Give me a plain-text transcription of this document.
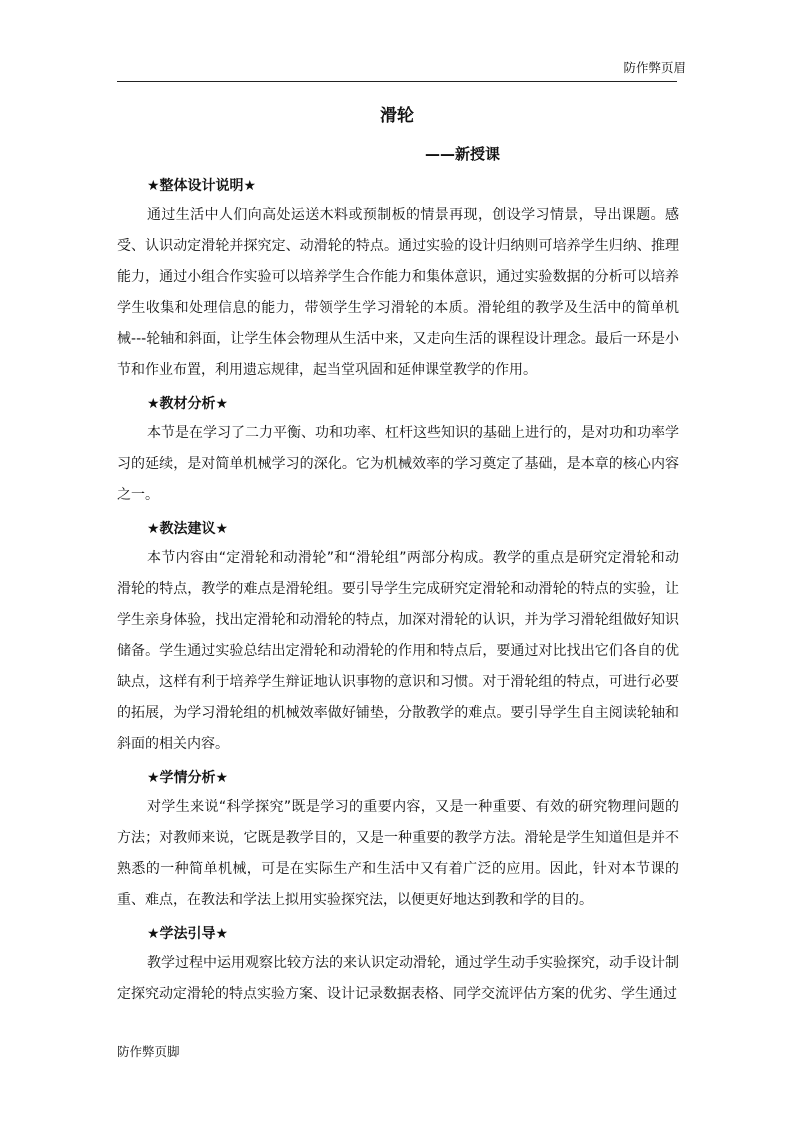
防作弊页眉
滑轮
——新授课
★整体设计说明★

通过生活中人们向高处运送木料或预制板的情景再现，创设学习情景，导出课题。感受、认识动定滑轮并探究定、动滑轮的特点。通过实验的设计归纳则可培养学生归纳、推理能力，通过小组合作实验可以培养学生合作能力和集体意识，通过实验数据的分析可以培养学生收集和处理信息的能力，带领学生学习滑轮的本质。滑轮组的教学及生活中的简单机械---轮轴和斜面，让学生体会物理从生活中来，又走向生活的课程设计理念。最后一环是小节和作业布置，利用遗忘规律，起当堂巩固和延伸课堂教学的作用。

★教材分析★

本节是在学习了二力平衡、功和功率、杠杆这些知识的基础上进行的，是对功和功率学习的延续，是对简单机械学习的深化。它为机械效率的学习奠定了基础，是本章的核心内容之一。

★教法建议★

本节内容由“定滑轮和动滑轮”和“滑轮组”两部分构成。教学的重点是研究定滑轮和动滑轮的特点，教学的难点是滑轮组。要引导学生完成研究定滑轮和动滑轮的特点的实验，让学生亲身体验，找出定滑轮和动滑轮的特点，加深对滑轮的认识，并为学习滑轮组做好知识储备。学生通过实验总结出定滑轮和动滑轮的作用和特点后，要通过对比找出它们各自的优缺点，这样有利于培养学生辩证地认识事物的意识和习惯。对于滑轮组的特点，可进行必要的拓展，为学习滑轮组的机械效率做好铺垫，分散教学的难点。要引导学生自主阅读轮轴和斜面的相关内容。

★学情分析★

对学生来说“科学探究”既是学习的重要内容，又是一种重要、有效的研究物理问题的方法；对教师来说，它既是教学目的，又是一种重要的教学方法。滑轮是学生知道但是并不熟悉的一种简单机械，可是在实际生产和生活中又有着广泛的应用。因此，针对本节课的重、难点，在教法和学法上拟用实验探究法，以便更好地达到教和学的目的。

★学法引导★

教学过程中运用观察比较方法的来认识定动滑轮，通过学生动手实验探究，动手设计制定探究动定滑轮的特点实验方案、设计记录数据表格、同学交流评估方案的优劣、学生通过

防作弊页脚
